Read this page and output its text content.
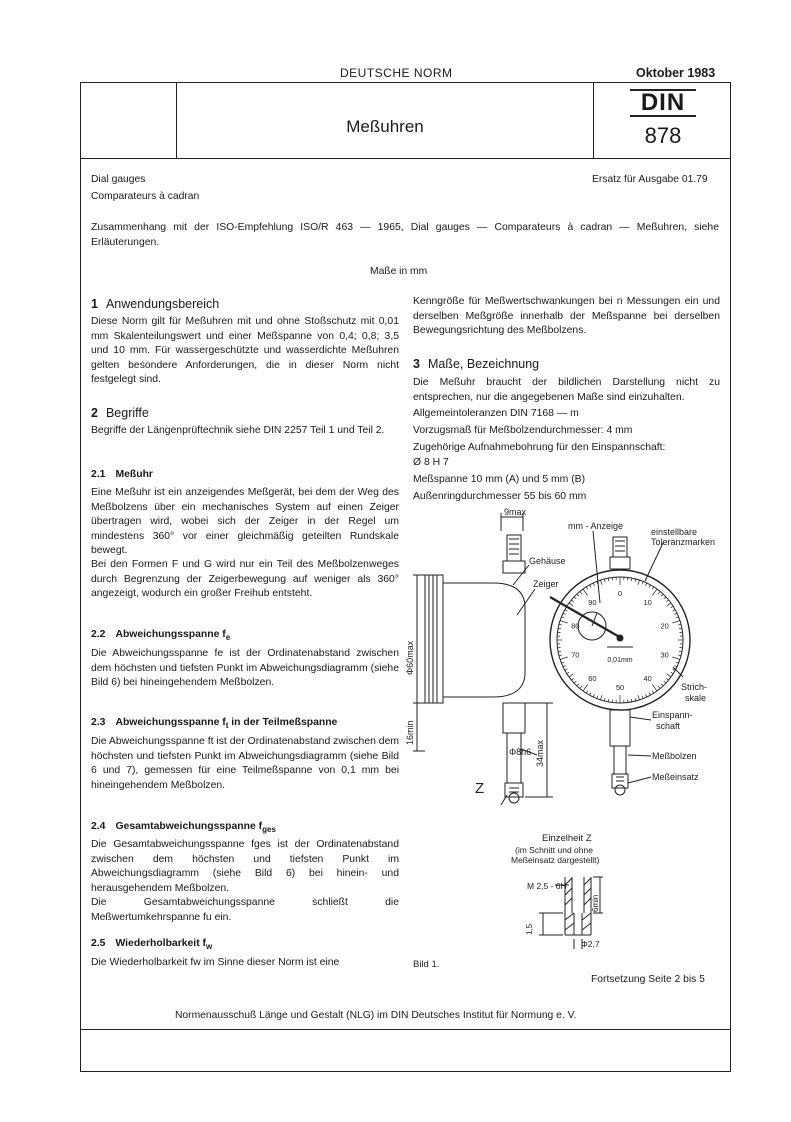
DEUTSCHE NORM	Oktober 1983
Meßuhren
DIN
878
Dial gauges
Comparateurs à cadran
Ersatz für Ausgabe 01.79
Zusammenhang mit der ISO-Empfehlung ISO/R 463 — 1965, Dial gauges — Comparateurs à cadran — Meßuhren, siehe Erläuterungen.
Maße in mm
1 Anwendungsbereich
Diese Norm gilt für Meßuhren mit und ohne Stoßschutz mit 0,01 mm Skalenteilungswert und einer Meßspanne von 0,4; 0,8; 3,5 und 10 mm. Für wassergeschützte und wasserdichte Meßuhren gelten besondere Anforderungen, die in dieser Norm nicht festgelegt sind.
2 Begriffe
Begriffe der Längenprüftechnik siehe DIN 2257 Teil 1 und Teil 2.
2.1 Meßuhr
Eine Meßuhr ist ein anzeigendes Meßgerät, bei dem der Weg des Meßbolzens über ein mechanisches System auf einen Zeiger übertragen wird, wobei sich der Zeiger in der Regel um mindestens 360° vor einer gleichmäßig geteilten Rundskale bewegt.
Bei den Formen F und G wird nur ein Teil des Meßbolzenweges durch Begrenzung der Zeigerbewegung auf weniger als 360° angezeigt, wodurch ein großer Freihub entsteht.
2.2 Abweichungsspanne $f_e$
Die Abweichungsspanne fe ist der Ordinatenabstand zwischen dem höchsten und tiefsten Punkt im Abweichungsdiagramm (siehe Bild 6) bei hineingehendem Meßbolzen.
2.3 Abweichungsspanne $f_t$ in der Teilmeßspanne
Die Abweichungsspanne ft ist der Ordinatenabstand zwischen dem höchsten und tiefsten Punkt im Abweichungsdiagramm (siehe Bild 6 und 7), gemessen für eine Teilmeßspanne von 0,1 mm bei hineingehendem Meßbolzen.
2.4 Gesamtabweichungsspanne $f_{ges}$
Die Gesamtabweichungsspanne fges ist der Ordinatenabstand zwischen dem höchsten und tiefsten Punkt im Abweichungsdiagramm (siehe Bild 6) bei hinein- und herausgehendem Meßbolzen.
Die Gesamtabweichungsspanne schließt die Meßwertumkehrspanne fu ein.
2.5 Wiederholbarkeit $f_w$
Die Wiederholbarkeit fw im Sinne dieser Norm ist eine
Kenngröße für Meßwertschwankungen bei n Messungen ein und derselben Meßgröße innerhalb der Meßspanne bei derselben Bewegungsrichtung des Meßbolzens.
3 Maße, Bezeichnung
Die Meßuhr braucht der bildlichen Darstellung nicht zu entsprechen, nur die angegebenen Maße sind einzuhalten.
Allgemeintoleranzen DIN 7168 — m
Vorzugsmaß für Meßbolzendurchmesser: 4 mm
Zugehörige Aufnahmebohrung für den Einspannschaft:
Ø 8 H 7
Meßspanne 10 mm (A) und 5 mm (B)
Außenringdurchmesser 55 bis 60 mm
9max
Φ60max
16min
34max
Φ8h6
Gehäuse
Zeiger
Z
0
10
20
30
40
50
60
70
80
90
mm - Anzeige
einstellbare
Toleranzmarken
Strich-
skale
Einspann-
schaft
Meßbolzen
Meßeinsatz
0,01mm
Einzelheit Z
(im Schnitt und ohne
Meßeinsatz dargestellt)
M 2,5 - 6H
6min
1,5
Φ2,7
Bild 1.
Fortsetzung Seite 2 bis 5
Normenausschuß Länge und Gestalt (NLG) im DIN Deutsches Institut für Normung e. V.
